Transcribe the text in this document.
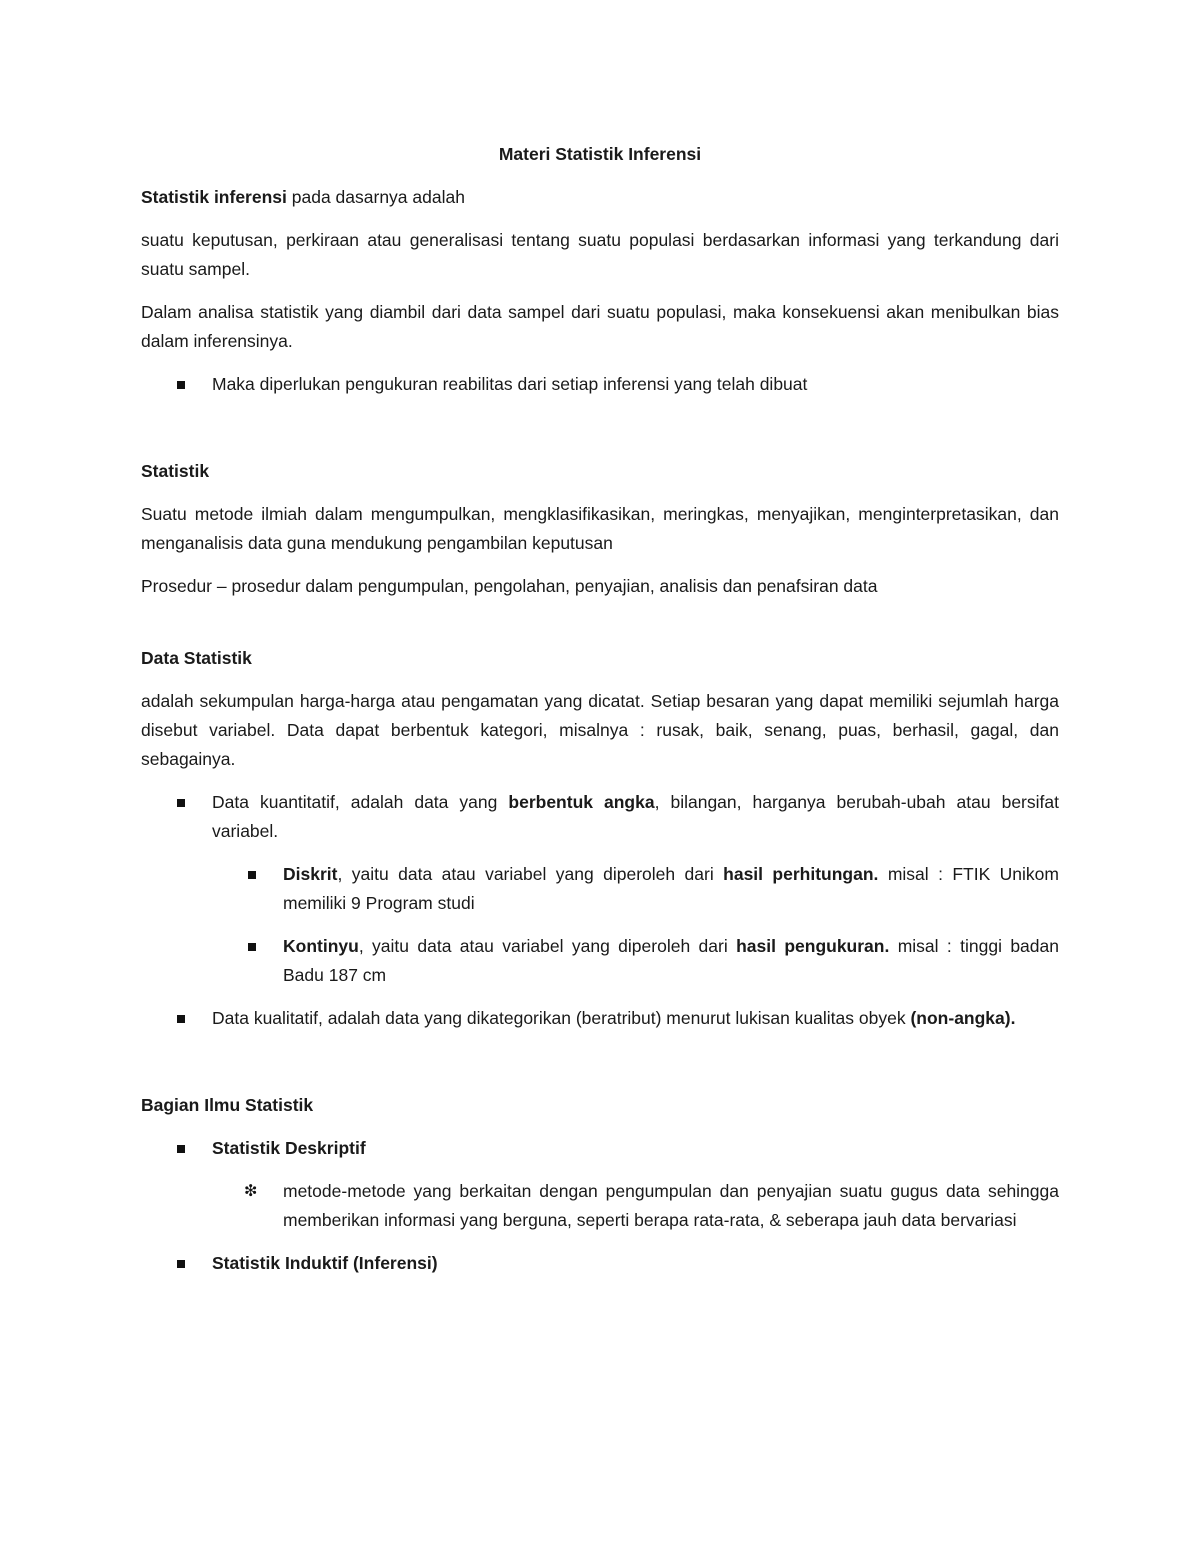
Materi Statistik Inferensi

Statistik inferensi pada dasarnya adalah

suatu keputusan, perkiraan atau generalisasi tentang suatu populasi berdasarkan informasi yang terkandung dari suatu sampel.

Dalam analisa statistik yang diambil dari data sampel dari suatu populasi, maka konsekuensi akan menibulkan bias dalam inferensinya.

Maka diperlukan pengukuran reabilitas dari setiap inferensi yang telah dibuat

Statistik

Suatu metode ilmiah dalam mengumpulkan, mengklasifikasikan, meringkas, menyajikan, menginterpretasikan, dan menganalisis data guna mendukung pengambilan keputusan

Prosedur – prosedur dalam pengumpulan, pengolahan, penyajian, analisis dan penafsiran data

Data Statistik

adalah sekumpulan harga-harga atau pengamatan yang dicatat. Setiap besaran yang dapat memiliki sejumlah harga disebut variabel. Data dapat berbentuk kategori, misalnya : rusak, baik, senang, puas, berhasil, gagal, dan sebagainya.

Data kuantitatif, adalah data yang berbentuk angka, bilangan, harganya berubah-ubah atau bersifat variabel.
Diskrit, yaitu data atau variabel yang diperoleh dari hasil perhitungan. misal : FTIK Unikom memiliki 9 Program studi
Kontinyu, yaitu data atau variabel yang diperoleh dari hasil pengukuran. misal : tinggi badan Badu 187 cm
Data kualitatif, adalah data yang dikategorikan (beratribut) menurut lukisan kualitas obyek (non-angka).

Bagian Ilmu Statistik

Statistik Deskriptif
❇ metode-metode yang berkaitan dengan pengumpulan dan penyajian suatu gugus data sehingga memberikan informasi yang berguna, seperti berapa rata-rata, & seberapa jauh data bervariasi
Statistik Induktif (Inferensi)
